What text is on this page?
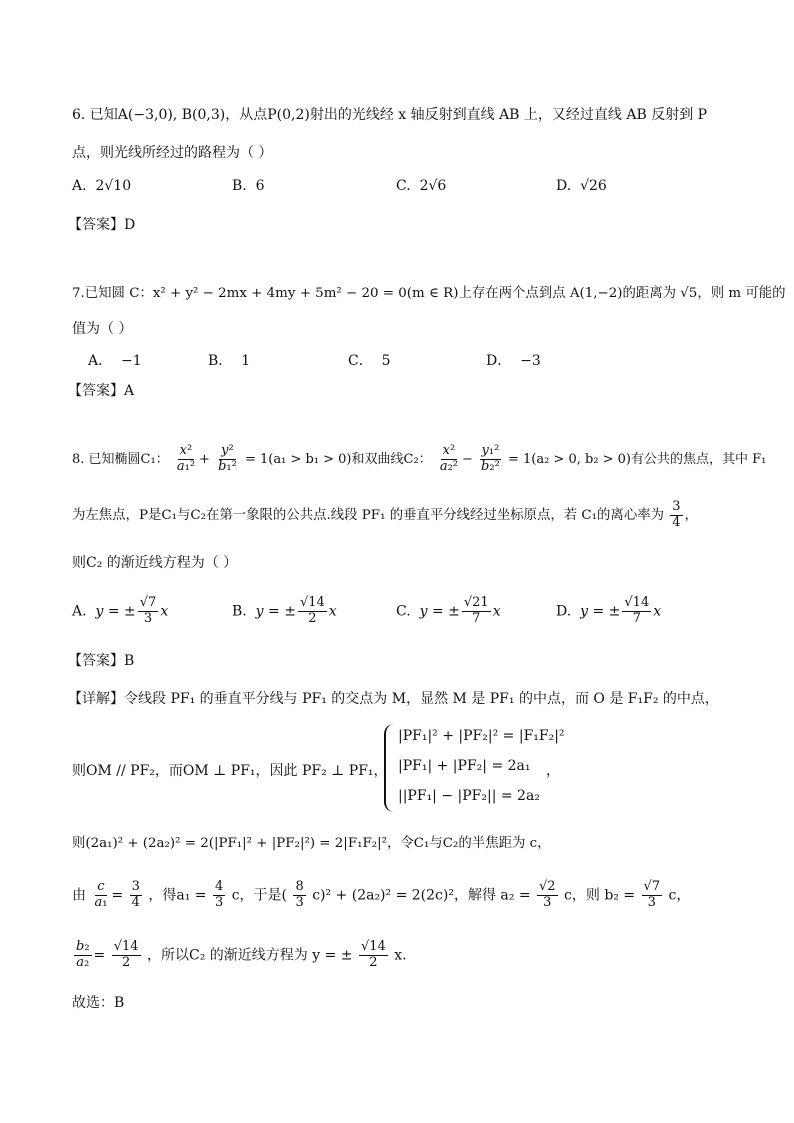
6. 已知A(−3,0), B(0,3)，从点P(0,2)射出的光线经 x 轴反射到直线 AB 上，又经过直线 AB 反射到 P
点，则光线所经过的路程为（ ）
A. 2√10	B. 6	C. 2√6	D. √26
【答案】D
7.已知圆 C：x² + y² − 2mx + 4my + 5m² − 20 = 0(m ∈ R)上存在两个点到点 A(1,−2)的距离为 √5，则 m 可能的
值为（ ）
A． −1	B． 1	C． 5	D． −3
【答案】A
8. 已知椭圆C₁： $\frac{\text{x²}}{\text{a₁²}} + \frac{\text{y²}}{\text{b₁²}} = 1(a_1 > b_1 > 0)$和双曲线C₂： $\frac{\text{x²}}{\text{a₂²}} - \frac{\text{y₁²}}{\text{b₂²}} = 1(a_2 > 0$, b₂ > 0)有公共的焦点，其中 F₁
为左焦点，P是C₁与C₂在第一象限的公共点.线段 PF₁ 的垂直平分线经过坐标原点，若 C₁的离心率为 $\frac{3}{4}$ ，
则C₂ 的渐近线方程为（ ）
A. y = ± $\frac{√7}{3}$ x	B. y = ± $\frac{√14}{2}$ x	C. y = ± $\frac{√21}{7}$ x	D. y = ± $\frac{√14}{7}$ x
【答案】B
【详解】令线段 PF₁ 的垂直平分线与 PF₁ 的交点为 M，显然 M 是 PF₁ 的中点，而 O 是 F₁F₂ 的中点，
则OM // PF₂，而OM ⊥ PF₁，因此 PF₂ ⊥ PF₁，
|PF₁|² + |PF₂|² = |F₁F₂|²
|PF₁| + |PF₂| = 2a₁
||PF₁| − |PF₂|| = 2a₂
，
则(2a₁)² + (2a₂)² = 2(|PF₁|² + |PF₂|²) = 2|F₁F₂|²，令C₁与C₂的半焦距为 c，
由 $\frac{c}{\text{a₁}} = \frac{3}{4}$ ，得$a_1 = \frac{4}{3}$ c，于是( $\frac{8}{3} c)^2 + (2a_2)^2 = 2(2c)^2$，解得 $a_2 = \frac{√2}{3}$ c，则 $b_2 = \frac{√7}{3}$ c，
$\frac{\text{b₂}}{\text{a₂}} = \frac{√14}{2}$ ，所以C₂ 的渐近线方程为 y = ± $\frac{√14}{2} x$.
故选：B
